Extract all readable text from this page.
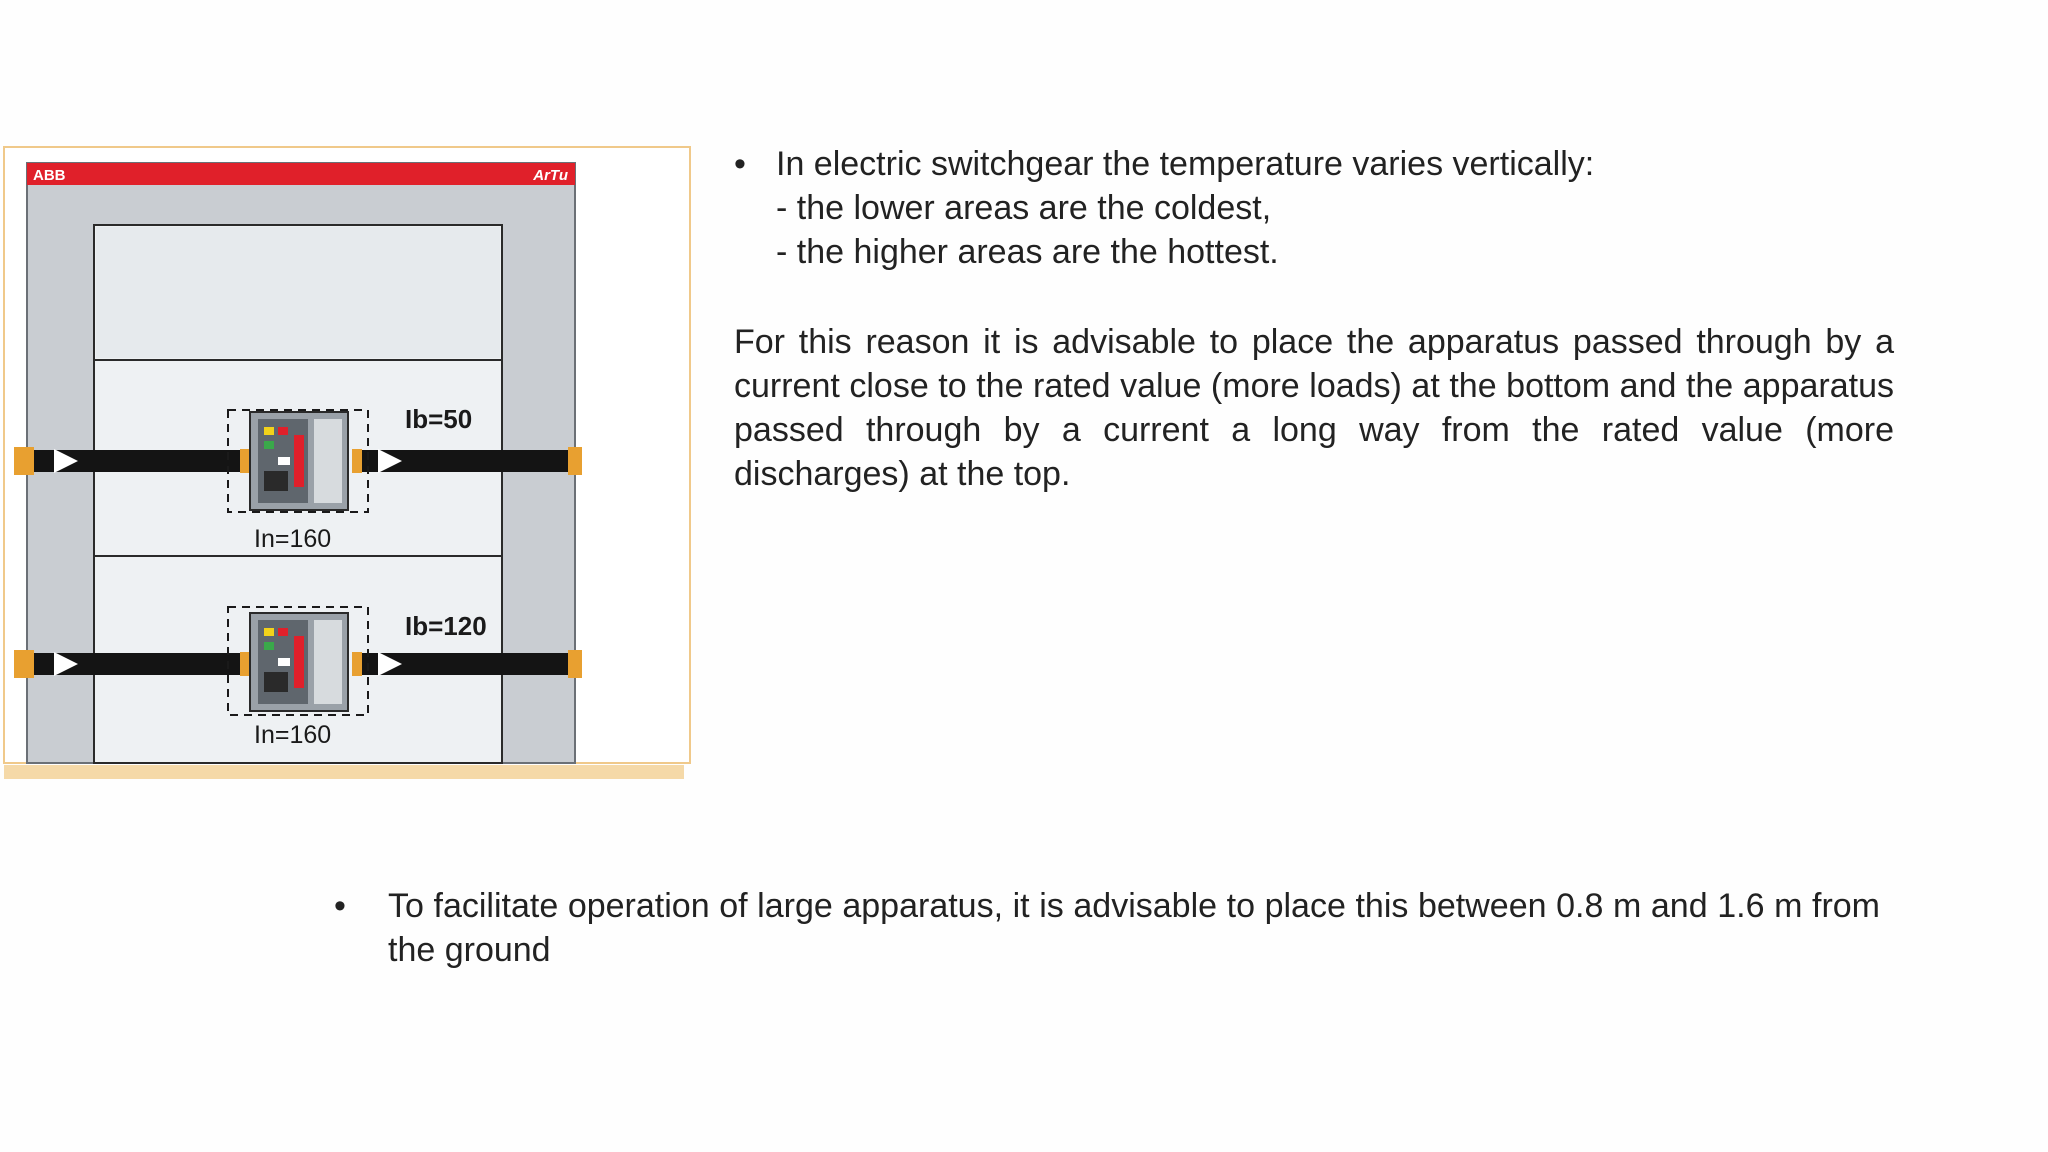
ABB	ArTu
Ib=50
In=160
Ib=120
In=160
• In electric switchgear the temperature varies vertically:
- the lower areas are the coldest,
- the higher areas are the hottest.
For this reason it is advisable to place the apparatus passed through by a current close to the rated value (more loads) at the bottom and the apparatus passed through by a current a long way from the rated value (more discharges) at the top.
• To facilitate operation of large apparatus, it is advisable to place this between 0.8 m and 1.6 m from the ground
